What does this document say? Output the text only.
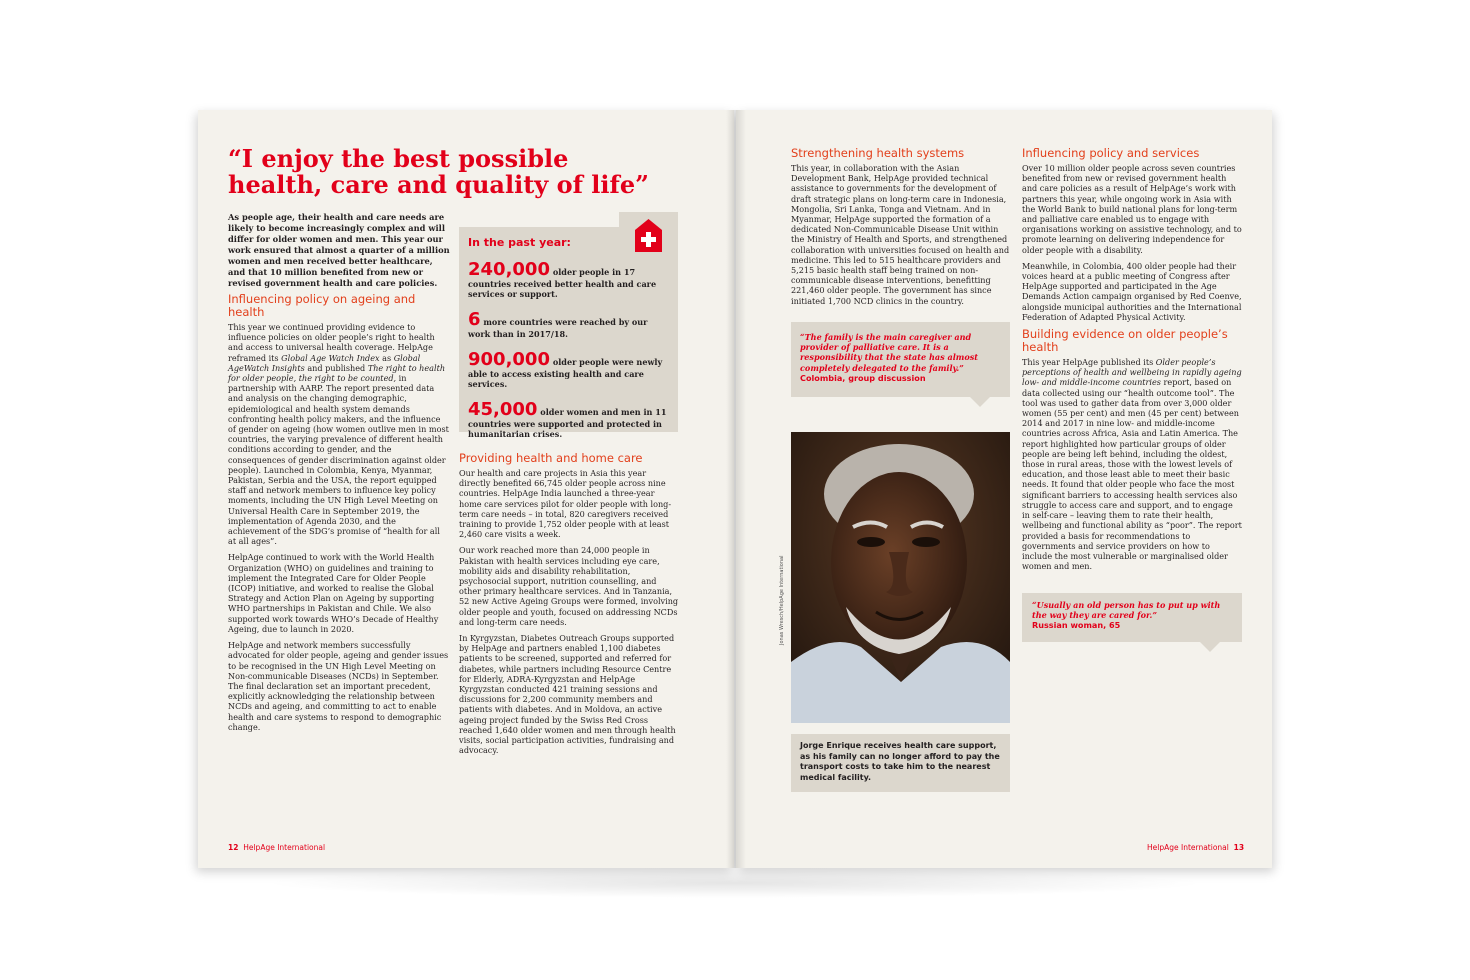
“I enjoy the best possible health, care and quality of life”

As people age, their health and care needs are likely to become increasingly complex and will differ for older women and men. This year our work ensured that almost a quarter of a million women and men received better healthcare, and that 10 million benefited from new or revised government health and care policies.

Influencing policy on ageing and health

This year we continued providing evidence to influence policies on older people’s right to health and access to universal health coverage. HelpAge reframed its Global Age Watch Index as Global AgeWatch Insights and published The right to health for older people, the right to be counted, in partnership with AARP. The report presented data and analysis on the changing demographic, epidemiological and health system demands confronting health policy makers, and the influence of gender on ageing (how women outlive men in most countries, the varying prevalence of different health conditions according to gender, and the consequences of gender discrimination against older people). Launched in Colombia, Kenya, Myanmar, Pakistan, Serbia and the USA, the report equipped staff and network members to influence key policy moments, including the UN High Level Meeting on Universal Health Care in September 2019, the implementation of Agenda 2030, and the achievement of the SDG’s promise of “health for all at all ages”.

HelpAge continued to work with the World Health Organization (WHO) on guidelines and training to implement the Integrated Care for Older People (ICOP) initiative, and worked to realise the Global Strategy and Action Plan on Ageing by supporting WHO partnerships in Pakistan and Chile. We also supported work towards WHO’s Decade of Healthy Ageing, due to launch in 2020.

HelpAge and network members successfully advocated for older people, ageing and gender issues to be recognised in the UN High Level Meeting on Non-communicable Diseases (NCDs) in September. The final declaration set an important precedent, explicitly acknowledging the relationship between NCDs and ageing, and committing to act to enable health and care systems to respond to demographic change.

In the past year:

240,000 older people in 17 countries received better health and care services or support.

6 more countries were reached by our work than in 2017/18.

900,000 older people were newly able to access existing health and care services.

45,000 older women and men in 11 countries were supported and protected in humanitarian crises.

Providing health and home care

Our health and care projects in Asia this year directly benefited 66,745 older people across nine countries. HelpAge India launched a three-year home care services pilot for older people with long-term care needs – in total, 820 caregivers received training to provide 1,752 older people with at least 2,460 care visits a week.

Our work reached more than 24,000 people in Pakistan with health services including eye care, mobility aids and disability rehabilitation, psychosocial support, nutrition counselling, and other primary healthcare services. And in Tanzania, 52 new Active Ageing Groups were formed, involving older people and youth, focused on addressing NCDs and long-term care needs.

In Kyrgyzstan, Diabetes Outreach Groups supported by HelpAge and partners enabled 1,100 diabetes patients to be screened, supported and referred for diabetes, while partners including Resource Centre for Elderly, ADRA-Kyrgyzstan and HelpAge Kyrgyzstan conducted 421 training sessions and discussions for 2,200 community members and patients with diabetes. And in Moldova, an active ageing project funded by the Swiss Red Cross reached 1,640 older women and men through health visits, social participation activities, fundraising and advocacy.

12 HelpAge International
Strengthening health systems

This year, in collaboration with the Asian Development Bank, HelpAge provided technical assistance to governments for the development of draft strategic plans on long-term care in Indonesia, Mongolia, Sri Lanka, Tonga and Vietnam. And in Myanmar, HelpAge supported the formation of a dedicated Non-Communicable Disease Unit within the Ministry of Health and Sports, and strengthened collaboration with universities focused on health and medicine. This led to 515 healthcare providers and 5,215 basic health staff being trained on non-communicable disease interventions, benefitting 221,460 older people. The government has since initiated 1,700 NCD clinics in the country.

“The family is the main caregiver and provider of palliative care. It is a responsibility that the state has almost completely delegated to the family.”

Colombia, group discussion

Jonas Wresch/HelpAge International

Jorge Enrique receives health care support, as his family can no longer afford to pay the transport costs to take him to the nearest medical facility.

Influencing policy and services

Over 10 million older people across seven countries benefited from new or revised government health and care policies as a result of HelpAge’s work with partners this year, while ongoing work in Asia with the World Bank to build national plans for long-term and palliative care enabled us to engage with organisations working on assistive technology, and to promote learning on delivering independence for older people with a disability.

Meanwhile, in Colombia, 400 older people had their voices heard at a public meeting of Congress after HelpAge supported and participated in the Age Demands Action campaign organised by Red Coenve, alongside municipal authorities and the International Federation of Adapted Physical Activity.

Building evidence on older people’s health

This year HelpAge published its Older people’s perceptions of health and wellbeing in rapidly ageing low- and middle-income countries report, based on data collected using our “health outcome tool”. The tool was used to gather data from over 3,000 older women (55 per cent) and men (45 per cent) between 2014 and 2017 in nine low- and middle-income countries across Africa, Asia and Latin America. The report highlighted how particular groups of older people are being left behind, including the oldest, those in rural areas, those with the lowest levels of education, and those least able to meet their basic needs. It found that older people who face the most significant barriers to accessing health services also struggle to access care and support, and to engage in self-care – leaving them to rate their health, wellbeing and functional ability as “poor”. The report provided a basis for recommendations to governments and service providers on how to include the most vulnerable or marginalised older women and men.

“Usually an old person has to put up with the way they are cared for.”

Russian woman, 65

HelpAge International 13
